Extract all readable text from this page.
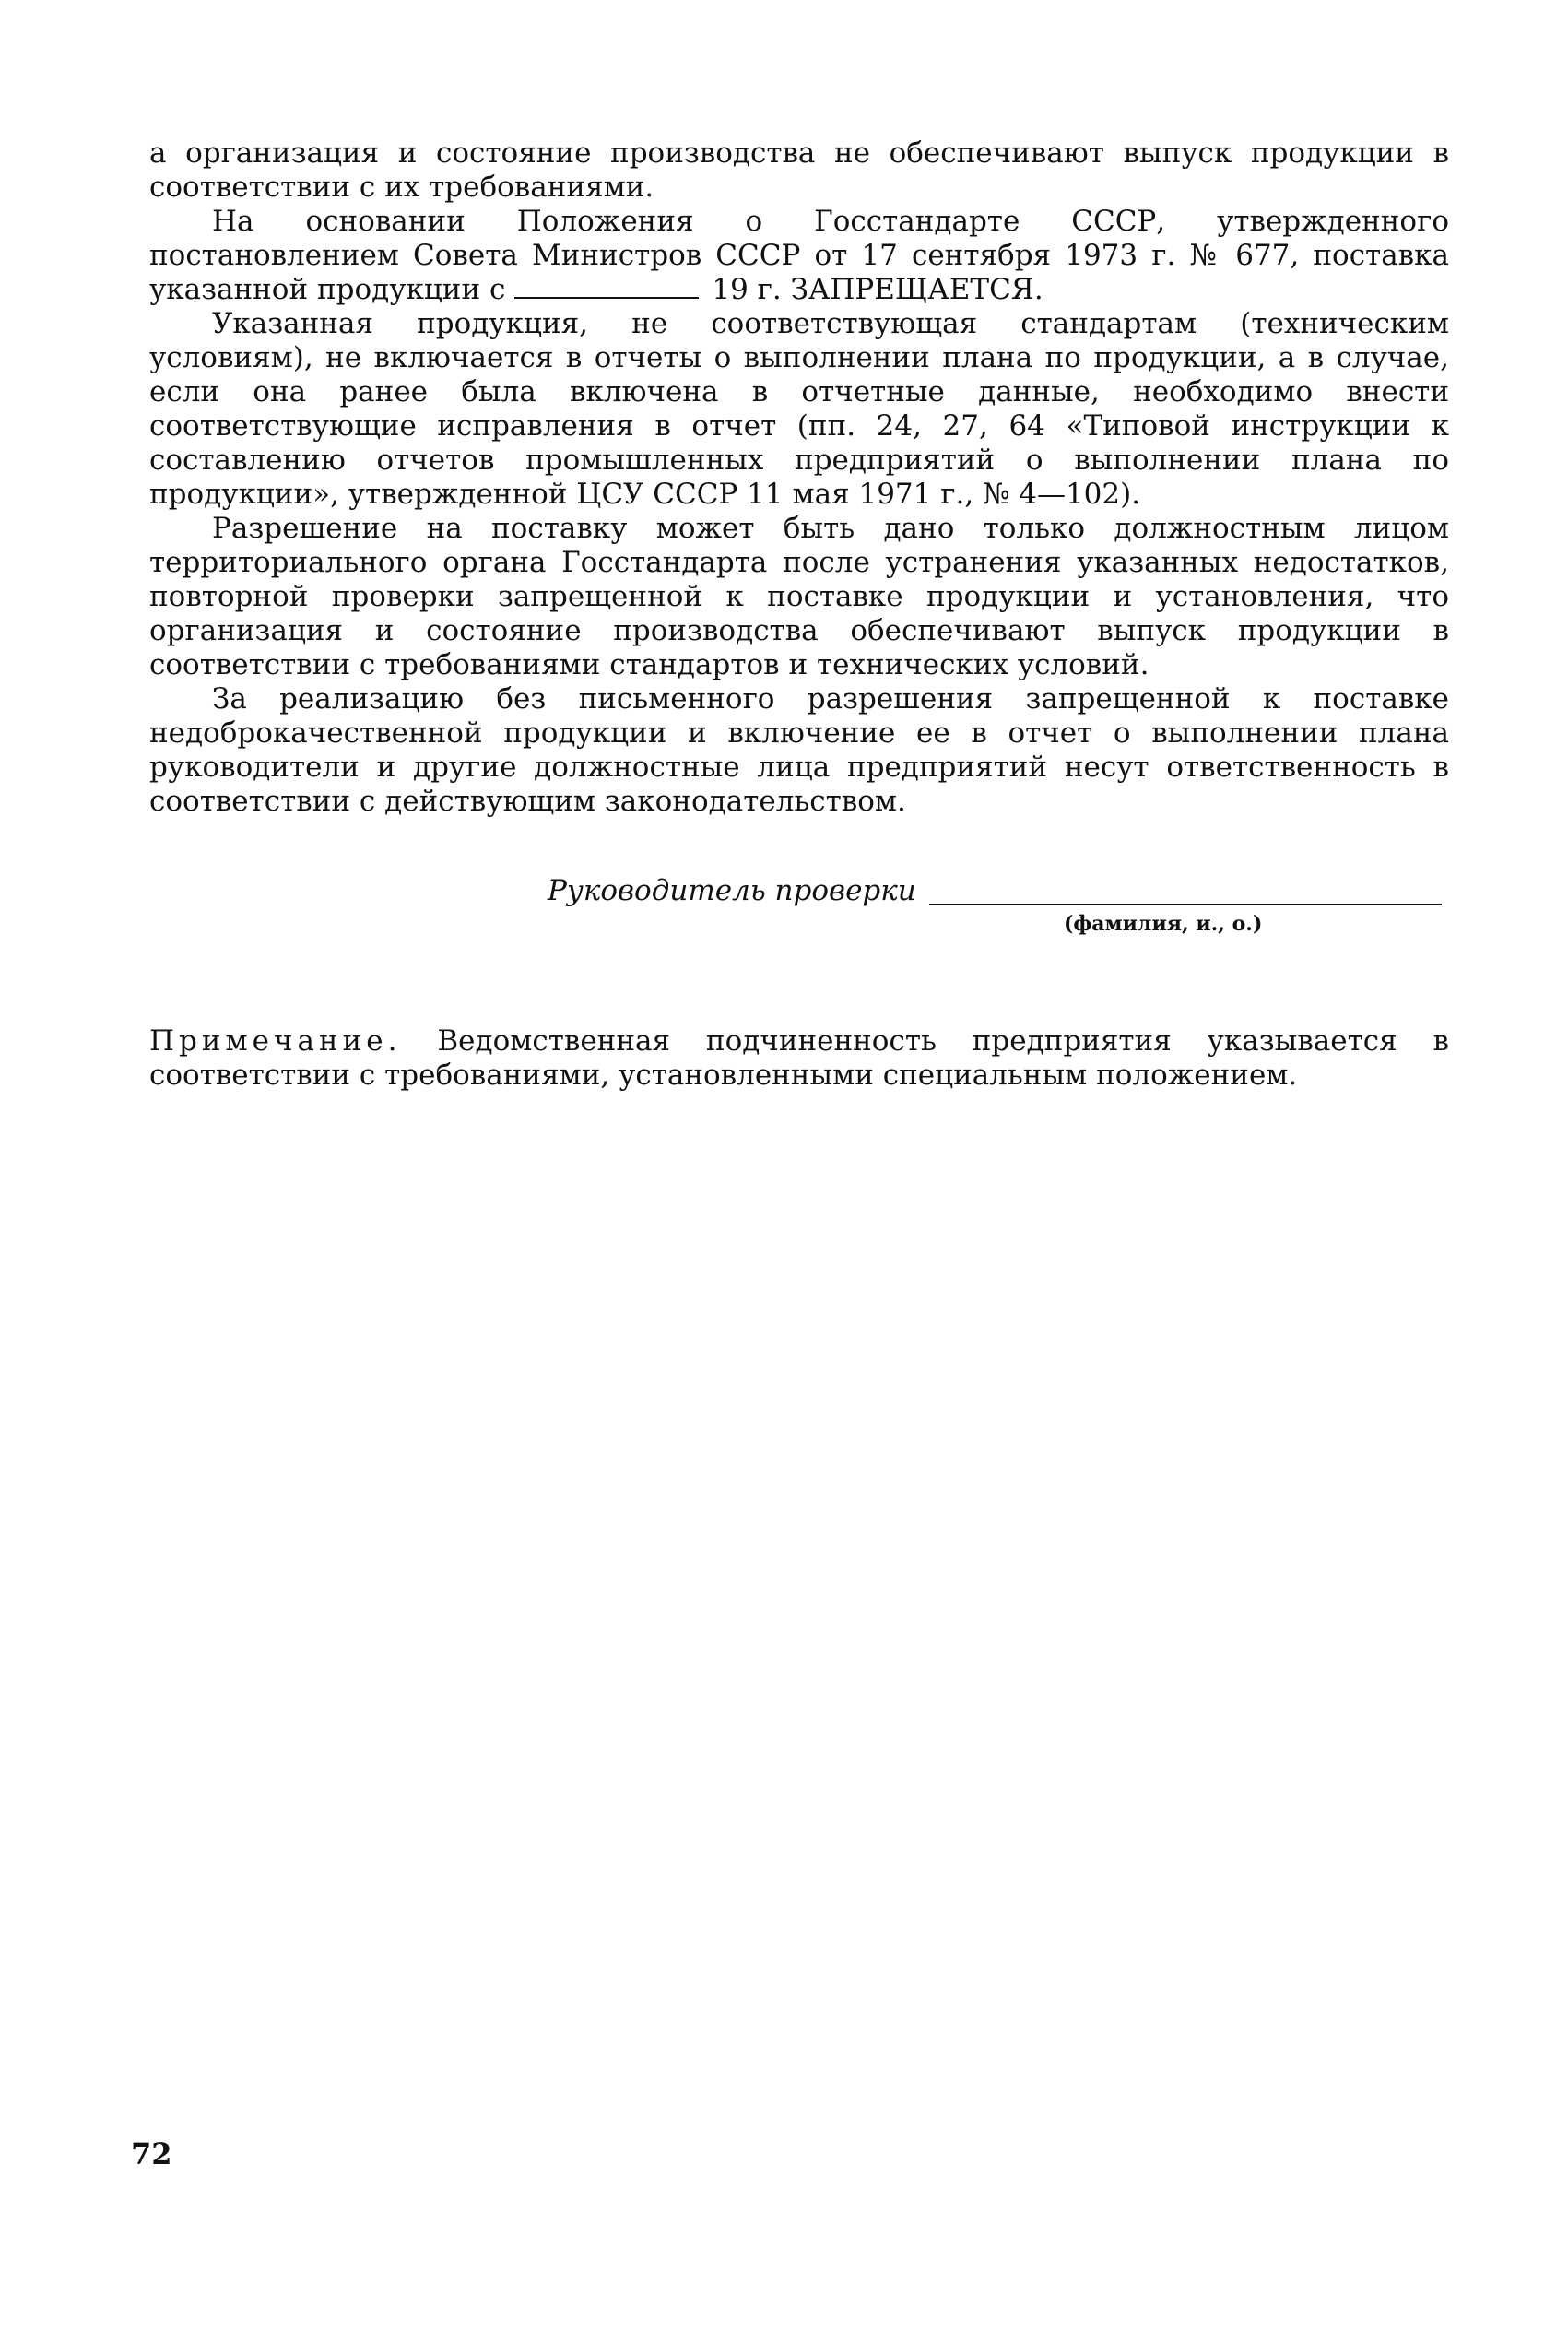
а организация и состояние производства не обеспечивают выпуск продукции в соответствии с их требованиями.

На основании Положения о Госстандарте СССР, утвержденного постановлением Совета Министров СССР от 17 сентября 1973 г. № 677, поставка указанной продукции с	19 г. ЗАПРЕЩАЕТСЯ.

Указанная продукция, не соответствующая стандартам (техническим условиям), не включается в отчеты о выполнении плана по продукции, а в случае, если она ранее была включена в отчетные данные, необходимо внести соответствующие исправления в отчет (пп. 24, 27, 64 «Типовой инструкции к составлению отчетов промышленных предприятий о выполнении плана по продукции», утвержденной ЦСУ СССР 11 мая 1971 г., № 4—102).

Разрешение на поставку может быть дано только должностным лицом территориального органа Госстандарта после устранения указанных недостатков, повторной проверки запрещенной к поставке продукции и установления, что организация и состояние производства обеспечивают выпуск продукции в соответствии с требованиями стандартов и технических условий.

За реализацию без письменного разрешения запрещенной к поставке недоброкачественной продукции и включение ее в отчет о выполнении плана руководители и другие должностные лица предприятий несут ответственность в соответствии с действующим законодательством.

Руководитель проверки
(фамилия, и., о.)

Примечание. Ведомственная подчиненность предприятия указывается в соответствии с требованиями, установленными специальным положением.

72
